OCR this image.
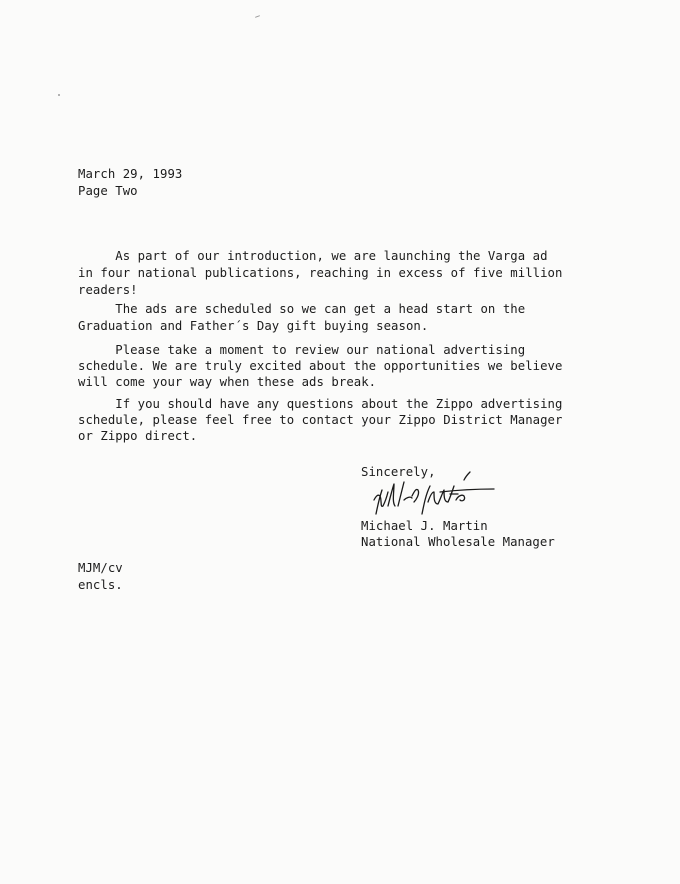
March 29, 1993
Page Two
As part of our introduction, we are launching the Varga ad
in four national publications, reaching in excess of five million
readers!
The ads are scheduled so we can get a head start on the
Graduation and Father´s Day gift buying season.
Please take a moment to review our national advertising
schedule. We are truly excited about the opportunities we believe
will come your way when these ads break.
If you should have any questions about the Zippo advertising
schedule, please feel free to contact your Zippo District Manager
or Zippo direct.
Sincerely,
Michael J. Martin
National Wholesale Manager
MJM/cv
encls.
